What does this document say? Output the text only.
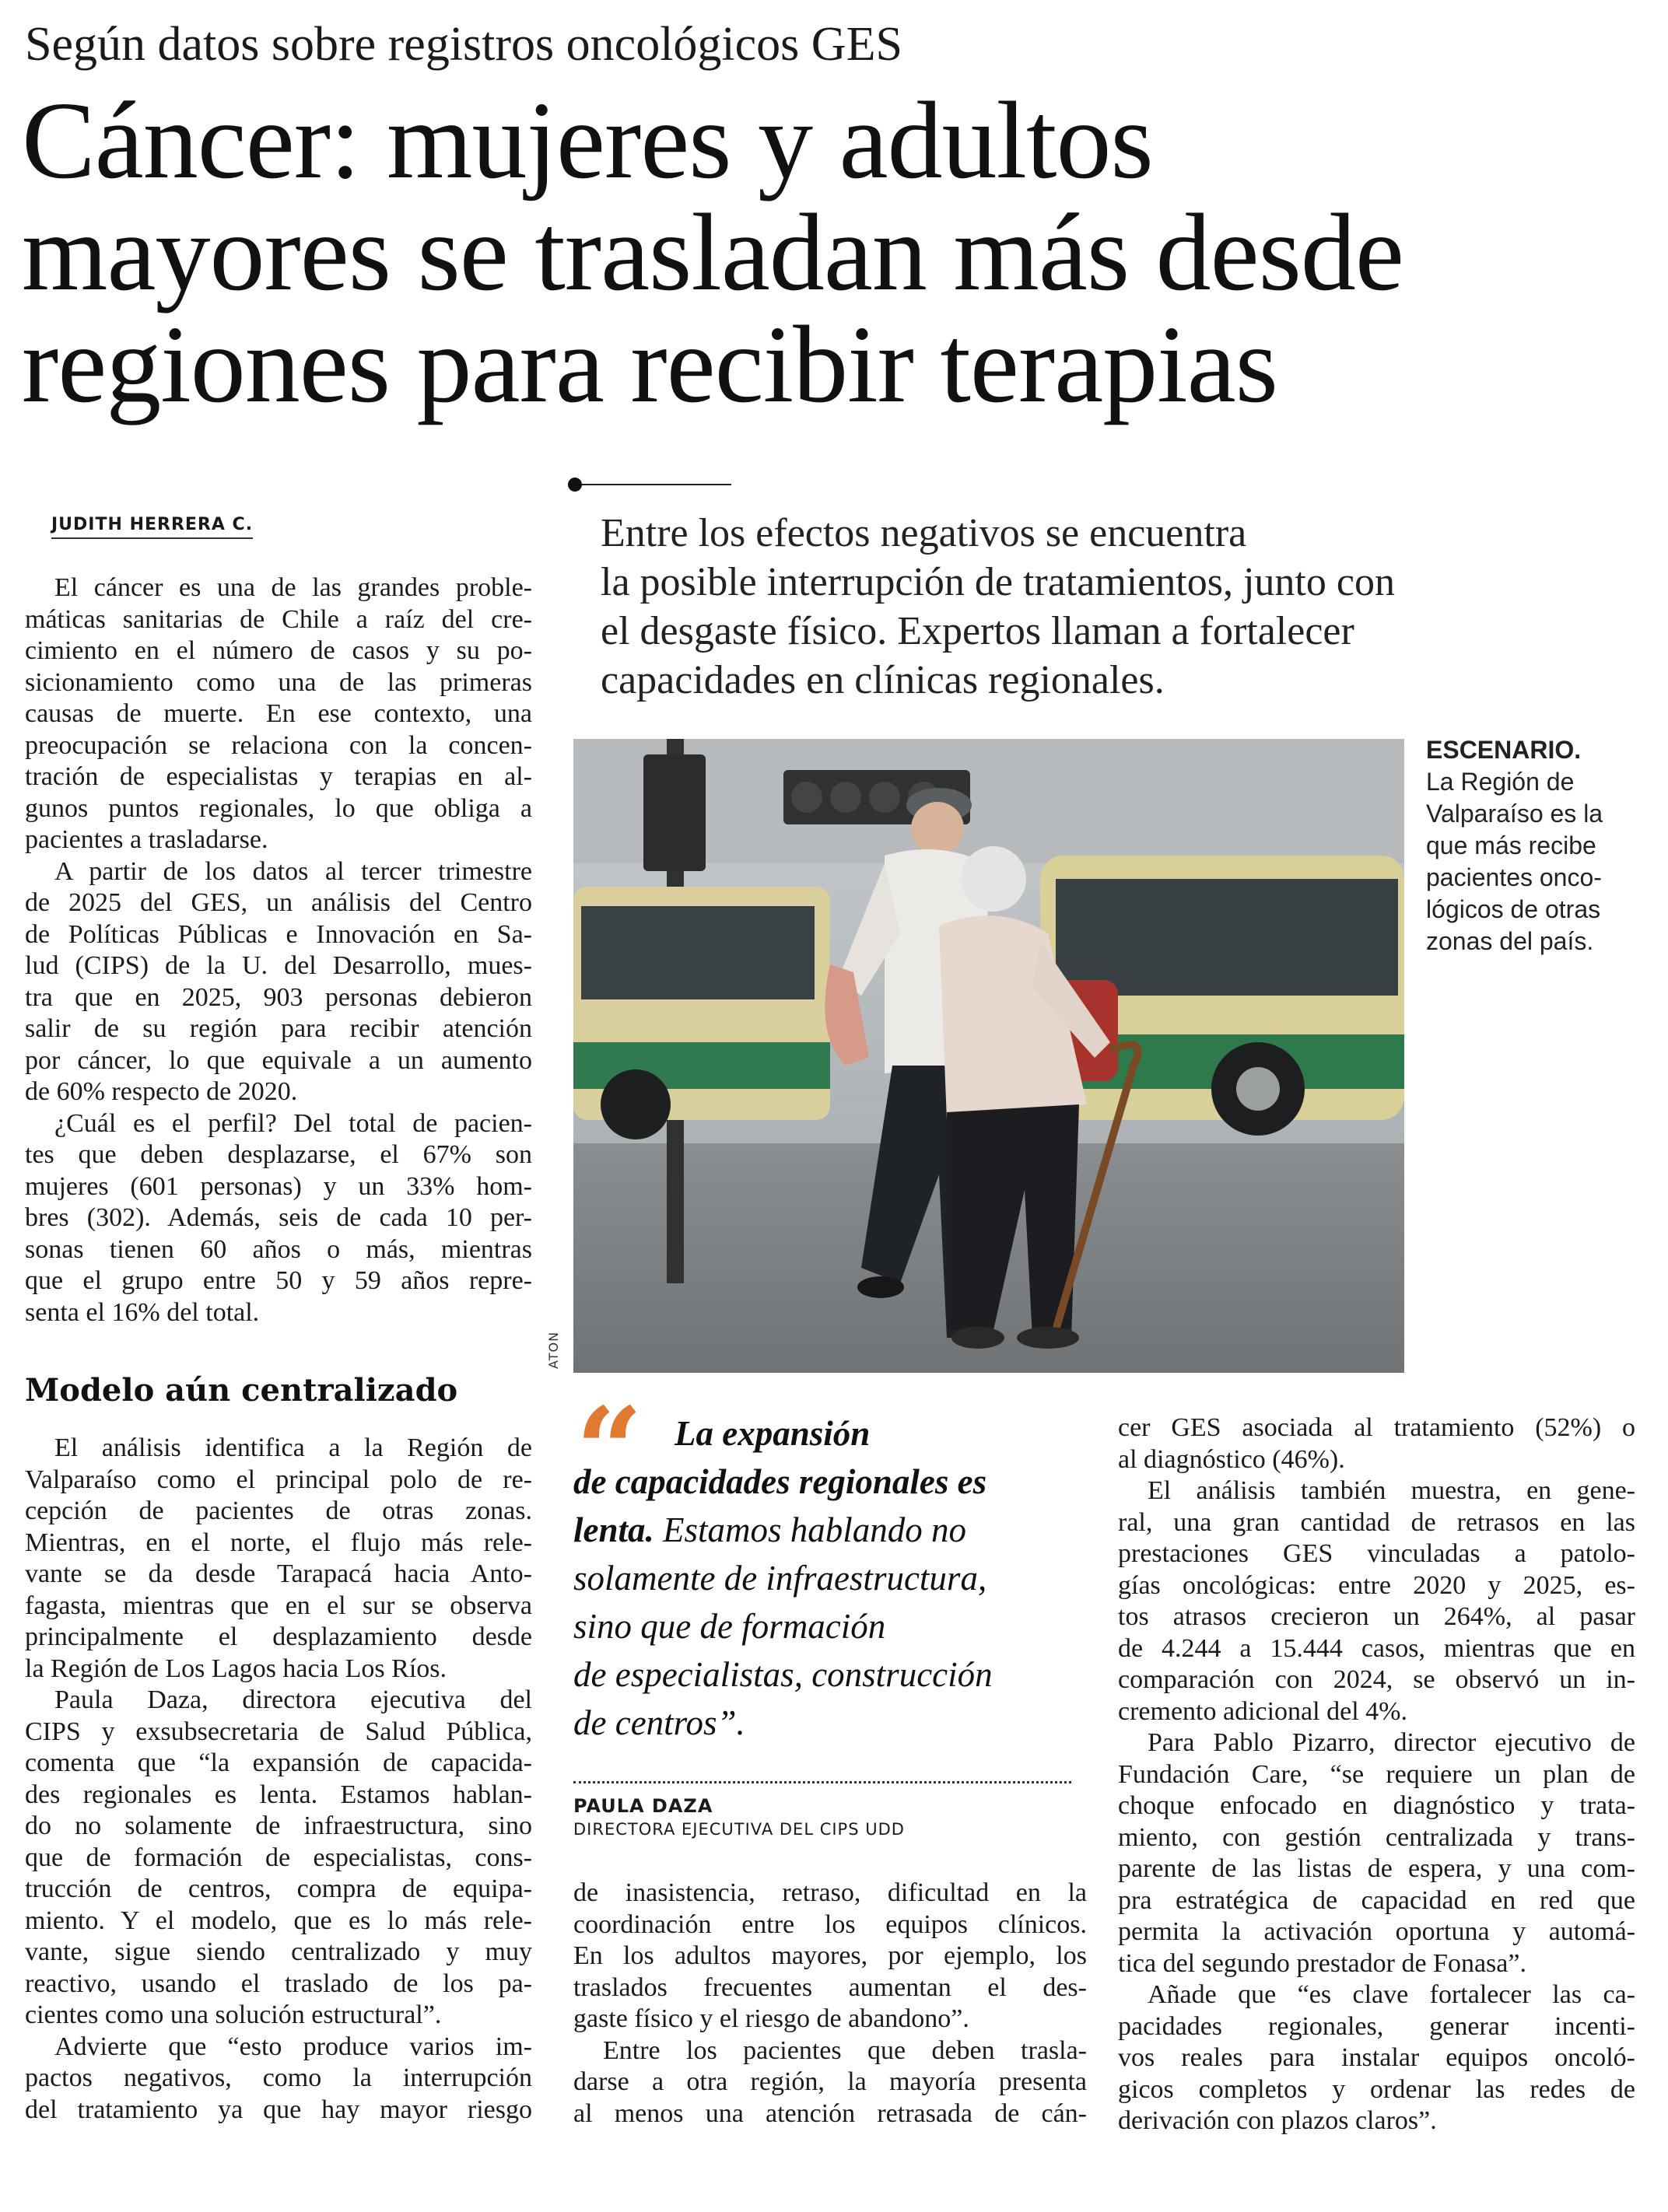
Según datos sobre registros oncológicos GES
Cáncer: mujeres y adultos
mayores se trasladan más desde
regiones para recibir terapias
JUDITH HERRERA C.	Entre los efectos negativos se encuentra
la posible interrupción de tratamientos, junto con
el desgaste físico. Expertos llaman a fortalecer
capacidades en clínicas regionales.
ATON
ESCENARIO.
La Región de
Valparaíso es la
que más recibe
pacientes onco-
lógicos de otras
zonas del país.
El cáncer es una de las grandes proble-
máticas sanitarias de Chile a raíz del cre-
cimiento en el número de casos y su po-
sicionamiento como una de las primeras
causas de muerte. En ese contexto, una
preocupación se relaciona con la concen-
tración de especialistas y terapias en al-
gunos puntos regionales, lo que obliga a
pacientes a trasladarse.
A partir de los datos al tercer trimestre
de 2025 del GES, un análisis del Centro
de Políticas Públicas e Innovación en Sa-
lud (CIPS) de la U. del Desarrollo, mues-
tra que en 2025, 903 personas debieron
salir de su región para recibir atención
por cáncer, lo que equivale a un aumento
de 60% respecto de 2020.
¿Cuál es el perfil? Del total de pacien-
tes que deben desplazarse, el 67% son
mujeres (601 personas) y un 33% hom-
bres (302). Además, seis de cada 10 per-
sonas tienen 60 años o más, mientras
que el grupo entre 50 y 59 años repre-
senta el 16% del total.
Modelo aún centralizado
El análisis identifica a la Región de
Valparaíso como el principal polo de re-
cepción de pacientes de otras zonas.
Mientras, en el norte, el flujo más rele-
vante se da desde Tarapacá hacia Anto-
fagasta, mientras que en el sur se observa
principalmente el desplazamiento desde
la Región de Los Lagos hacia Los Ríos.
Paula Daza, directora ejecutiva del
CIPS y exsubsecretaria de Salud Pública,
comenta que “la expansión de capacida-
des regionales es lenta. Estamos hablan-
do no solamente de infraestructura, sino
que de formación de especialistas, cons-
trucción de centros, compra de equipa-
miento. Y el modelo, que es lo más rele-
vante, sigue siendo centralizado y muy
reactivo, usando el traslado de los pa-
cientes como una solución estructural”.
Advierte que “esto produce varios im-
pactos negativos, como la interrupción
del tratamiento ya que hay mayor riesgo
“ La expansión
de capacidades regionales es
lenta. Estamos hablando no
solamente de infraestructura,
sino que de formación
de especialistas, construcción
de centros”.
PAULA DAZA
DIRECTORA EJECUTIVA DEL CIPS UDD
de inasistencia, retraso, dificultad en la
coordinación entre los equipos clínicos.
En los adultos mayores, por ejemplo, los
traslados frecuentes aumentan el des-
gaste físico y el riesgo de abandono”.
Entre los pacientes que deben trasla-
darse a otra región, la mayoría presenta
al menos una atención retrasada de cán-
cer GES asociada al tratamiento (52%) o
al diagnóstico (46%).
El análisis también muestra, en gene-
ral, una gran cantidad de retrasos en las
prestaciones GES vinculadas a patolo-
gías oncológicas: entre 2020 y 2025, es-
tos atrasos crecieron un 264%, al pasar
de 4.244 a 15.444 casos, mientras que en
comparación con 2024, se observó un in-
cremento adicional del 4%.
Para Pablo Pizarro, director ejecutivo de
Fundación Care, “se requiere un plan de
choque enfocado en diagnóstico y trata-
miento, con gestión centralizada y trans-
parente de las listas de espera, y una com-
pra estratégica de capacidad en red que
permita la activación oportuna y automá-
tica del segundo prestador de Fonasa”.
Añade que “es clave fortalecer las ca-
pacidades regionales, generar incenti-
vos reales para instalar equipos oncoló-
gicos completos y ordenar las redes de
derivación con plazos claros”.
